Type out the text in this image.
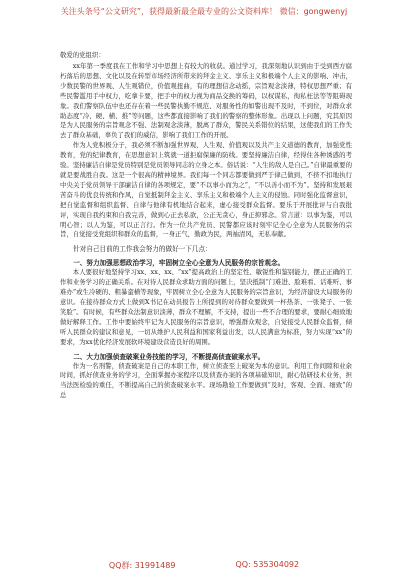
关注头条号“公文研究”，获得最新最全最专业的公文资料库！ 微信：gongwenyj

敬爱的党组织：

xx年第一季度我在工作和学习中思想上有较大的收获。通过学习，我深刻地认识到由于受到西方腐朽落后的思想、文化以及在转型市场经济所带来的拜金主义、享乐主义和极端个人主义的影响、冲击，少数民警的世界观、人生观错位，价值观扭曲，有的理想信念动摇，宗旨观念淡薄，特权思想严重；有些民警滥用手中权力，吃拿卡要，把手中的权力视为商品交换的筹码，以权谋私，徇私枉法等等阻碍现象。我们警察队伍中也还存在着一些民警执勤不规范、对服务性的如警出现不及时，不到位，对群众求助态度“冷、硬、横、推”等问题，这些都直接影响了我们的警察的整体形象。出现以上问题，究其原因是为人民服务的宗旨观念不强、法制观念淡薄，脱离了群众，警民关系错位的结果，这使我们的工作失去了群众基础，辜负了我们的威信，影响了我们工作的开展。

作为人党积极分子，我必须不断加强世界观、人生观、价值观以及共产主义道德的教育，加强党性教育，党的纪律教育，在思想意识上筑就一道拒腐保廉的防线。要坚持廉洁自律，经得住各种诱惑的考验。坚持廉洁自律是党员特别是党员领导同志的立身之本。俗话说：“人生的敌人是自己。”自律最重要的就是要战胜自我。这是一个很高的精神境界。我们每一个同志都要做到严于律己做到，不挤不扣地执行中央关于党员领导干部廉洁自律的各项规定，要“不以事小而为之”，“不以善小而不为”。坚持和发展艰苦奋斗的优良传统和作风，自觉抵制拜金主义、享乐主义和极端个人主义的侵蚀。同时强化监督意识，把自觉监督和组织监督、自律与他律有机地结合起来，虚心接受群众监督。要乐于开展批评与自我批评，实现自我约束和自我完善，做到心正去私欲，公正无贪心，身正抑邪念。常言道：以事为鉴，可以明心智；以人为鉴，可以正言行。作为一位共产党员、民警都应该时刻牢记全心全意为人民服务的宗旨，自觉接受党组织和群众的监督，一身正气，勤政为民，两袖清风，无私奉献。

针对自己目前的工作我会努力的做好一下几点：

一、努力加强思想政治学习，牢固树立全心全意为人民服务的宗旨观念。

本人要很好地坚持学习xx、xx、xx、“xx”提高政治上的坚定性、敏锐性和鉴别能力，摆正正确的工作和业务学习的正确关系。在对待人民群众求助方面的问题上，坚决抵制“门难进、脸难看、话难听、事难办”或生冷硬的、粗暴蛮横等现象，牢固树立全心全意为人民服务的宗旨意识，为经济建设大局服务的意识。在接待群众方式上做到X书记在动员报告上所提到的对待群众要做到一杯热茶、一张凳子、一张笑脸”。有时候，有些群众法制意识淡薄，群众不理解，不支持，提出一些不合理的要求，要耐心细致地做好解释工作。工作中要始终牢记为人民服务的宗旨意识，增强群众观念，自觉接受人民群众监督，倾听人民群众的建议和意见，一切从维护人民利益和国家利益出发，以人民满意为标准，努力实现“xx”的要求，为xx优化经济发展软环境建设营造良好的周围。

二、大力加强侦查破案业务技能的学习，不断提高侦查破案水平。

作为一名刑警，侦查破案是自己的本职工作，树立侦查至上破案为本的意识。利用工作间隙和业余时间，抓好侦查业务的学习，全面掌握办案程序以及侦查办案的各项基础知识，耐心钻研技术业务，担当法医检验的重任，不断提高自己的侦查破案水平。现场勘验工作要做到“及时，客观、全面、细致”的总

QQ群: 31991489	QQ: 535304092
